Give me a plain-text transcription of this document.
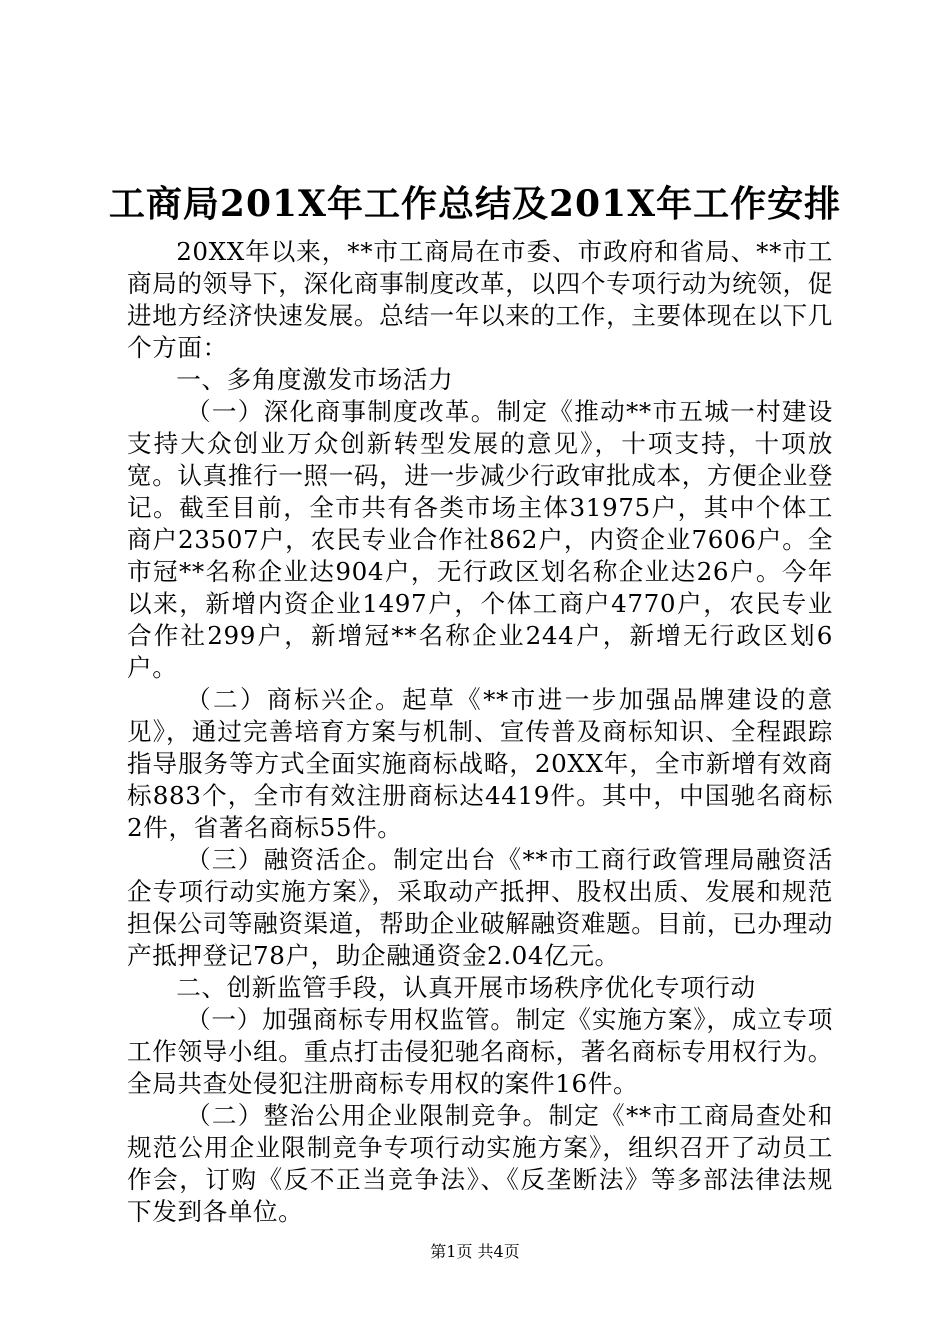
工商局201X年工作总结及201X年工作安排

20XX年以来，**市工商局在市委、市政府和省局、**市工商局的领导下，深化商事制度改革，以四个专项行动为统领，促进地方经济快速发展。总结一年以来的工作，主要体现在以下几个方面：

一、多角度激发市场活力

（一）深化商事制度改革。制定《推动**市五城一村建设支持大众创业万众创新转型发展的意见》，十项支持，十项放宽。认真推行一照一码，进一步减少行政审批成本，方便企业登记。截至目前，全市共有各类市场主体31975户，其中个体工商户23507户，农民专业合作社862户，内资企业7606户。全市冠**名称企业达904户，无行政区划名称企业达26户。今年以来，新增内资企业1497户，个体工商户4770户，农民专业合作社299户，新增冠**名称企业244户，新增无行政区划6户。

（二）商标兴企。起草《**市进一步加强品牌建设的意见》，通过完善培育方案与机制、宣传普及商标知识、全程跟踪指导服务等方式全面实施商标战略，20XX年，全市新增有效商标883个，全市有效注册商标达4419件。其中，中国驰名商标2件，省著名商标55件。

（三）融资活企。制定出台《**市工商行政管理局融资活企专项行动实施方案》，采取动产抵押、股权出质、发展和规范担保公司等融资渠道，帮助企业破解融资难题。目前，已办理动产抵押登记78户，助企融通资金2.04亿元。

二、创新监管手段，认真开展市场秩序优化专项行动

（一）加强商标专用权监管。制定《实施方案》，成立专项工作领导小组。重点打击侵犯驰名商标，著名商标专用权行为。全局共查处侵犯注册商标专用权的案件16件。

（二）整治公用企业限制竞争。制定《**市工商局查处和规范公用企业限制竞争专项行动实施方案》，组织召开了动员工作会，订购《反不正当竞争法》、《反垄断法》等多部法律法规下发到各单位。

第1页 共4页
